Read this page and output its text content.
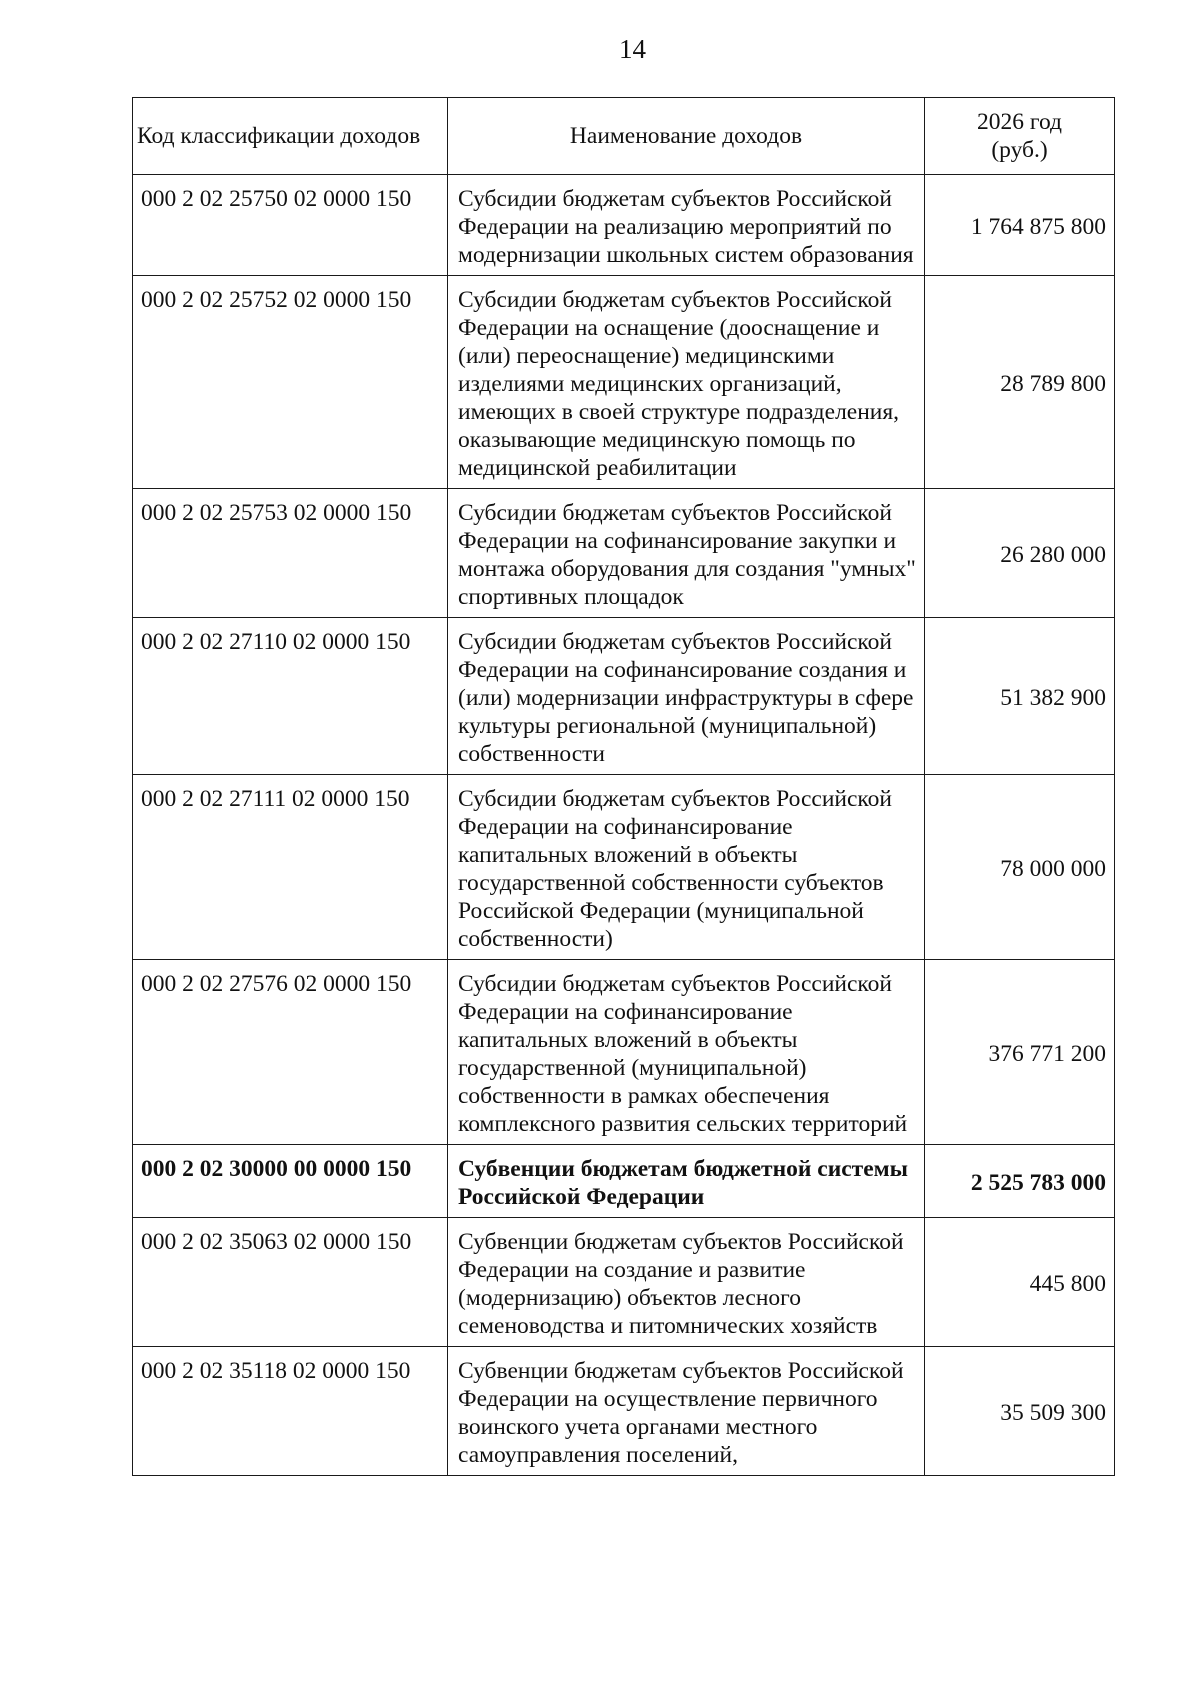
14
Код классификации доходов	Наименование доходов	2026 год
(руб.)
000 2 02 25750 02 0000 150	Субсидии бюджетам субъектов Российской Федерации на реализацию мероприятий по модернизации школьных систем образования	1 764 875 800
000 2 02 25752 02 0000 150	Субсидии бюджетам субъектов Российской Федерации на оснащение (дооснащение и (или) переоснащение) медицинскими изделиями медицинских организаций, имеющих в своей структуре подразделения, оказывающие медицинскую помощь по медицинской реабилитации	28 789 800
000 2 02 25753 02 0000 150	Субсидии бюджетам субъектов Российской Федерации на софинансирование закупки и монтажа оборудования для создания "умных" спортивных площадок	26 280 000
000 2 02 27110 02 0000 150	Субсидии бюджетам субъектов Российской Федерации на софинансирование создания и (или) модернизации инфраструктуры в сфере культуры региональной (муниципальной) собственности	51 382 900
000 2 02 27111 02 0000 150	Субсидии бюджетам субъектов Российской Федерации на софинансирование капитальных вложений в объекты государственной собственности субъектов Российской Федерации (муниципальной собственности)	78 000 000
000 2 02 27576 02 0000 150	Субсидии бюджетам субъектов Российской Федерации на софинансирование капитальных вложений в объекты государственной (муниципальной) собственности в рамках обеспечения комплексного развития сельских территорий	376 771 200
000 2 02 30000 00 0000 150	Субвенции бюджетам бюджетной системы Российской Федерации	2 525 783 000
000 2 02 35063 02 0000 150	Субвенции бюджетам субъектов Российской Федерации на создание и развитие (модернизацию) объектов лесного семеноводства и питомнических хозяйств	445 800
000 2 02 35118 02 0000 150	Субвенции бюджетам субъектов Российской Федерации на осуществление первичного воинского учета органами местного самоуправления поселений,	35 509 300
